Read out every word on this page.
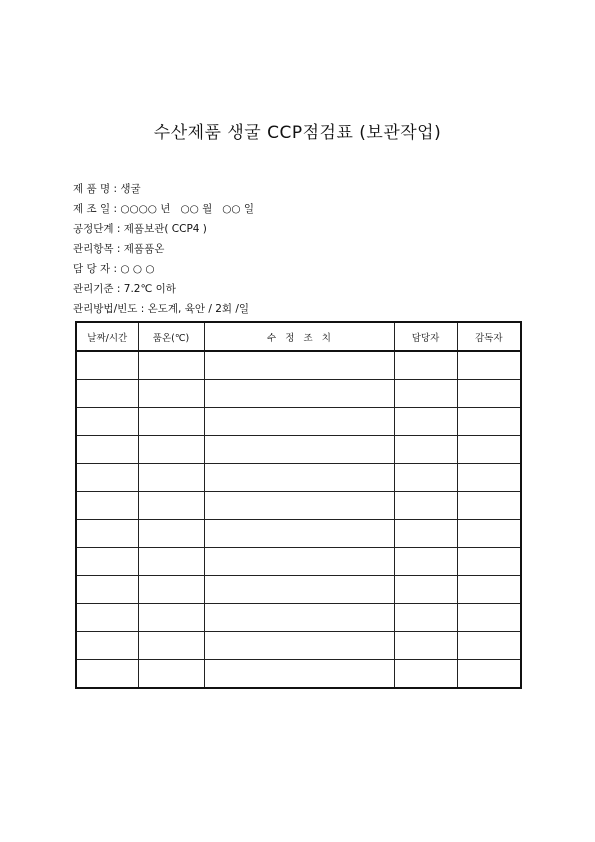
수산제품 생굴 CCP점검표 (보관작업)
제 품 명 : 생굴
제 조 일 : ○○○○ 년   ○○ 월   ○○ 일
공정단계 : 제품보관( CCP4 )
관리항목 : 제품품온
담 당 자 : ○ ○ ○
관리기준 : 7.2℃ 이하
관리방법/빈도 : 온도계, 육안 / 2회 /일
날짜/시간	품온(℃)	수   정   조   치	담당자	감독자
